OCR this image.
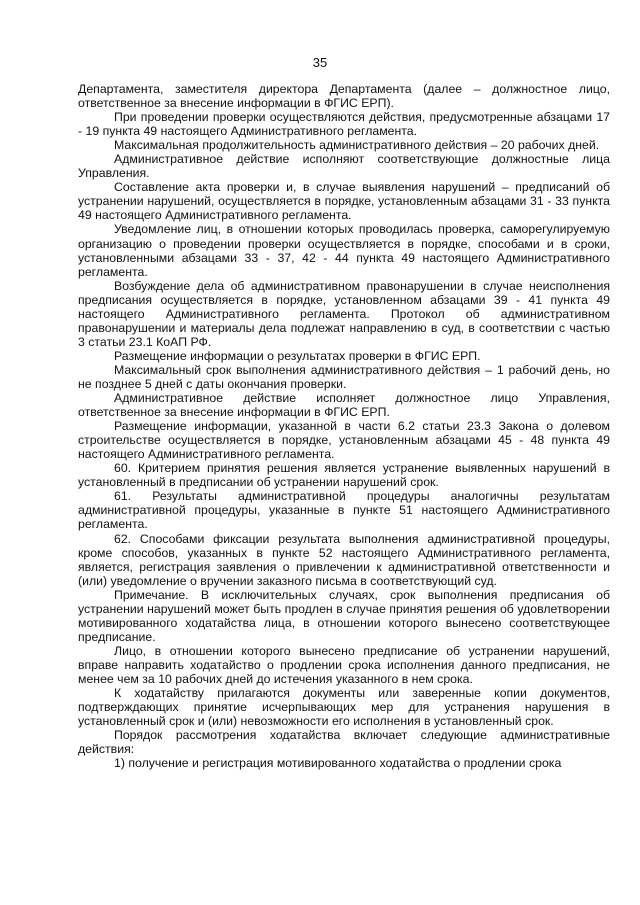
35

Департамента, заместителя директора Департамента (далее – должностное лицо, ответственное за внесение информации в ФГИС ЕРП).

При проведении проверки осуществляются действия, предусмотренные абзацами 17 - 19 пункта 49 настоящего Административного регламента.

Максимальная продолжительность административного действия – 20 рабочих дней.

Административное действие исполняют соответствующие должностные лица Управления.

Составление акта проверки и, в случае выявления нарушений – предписаний об устранении нарушений, осуществляется в порядке, установленным абзацами 31 - 33 пункта 49 настоящего Административного регламента.

Уведомление лиц, в отношении которых проводилась проверка, саморегулируемую организацию о проведении проверки осуществляется в порядке, способами и в сроки, установленными абзацами 33 - 37, 42 - 44 пункта 49 настоящего Административного регламента.

Возбуждение дела об административном правонарушении в случае неисполнения предписания осуществляется в порядке, установленном абзацами 39 - 41 пункта 49 настоящего Административного регламента. Протокол об административном правонарушении и материалы дела подлежат направлению в суд, в соответствии с частью 3 статьи 23.1 КоАП РФ.

Размещение информации о результатах проверки в ФГИС ЕРП.

Максимальный срок выполнения административного действия – 1 рабочий день, но не позднее 5 дней с даты окончания проверки.

Административное действие исполняет должностное лицо Управления, ответственное за внесение информации в ФГИС ЕРП.

Размещение информации, указанной в части 6.2 статьи 23.3 Закона о долевом строительстве осуществляется в порядке, установленным абзацами 45 - 48 пункта 49 настоящего Административного регламента.

60. Критерием принятия решения является устранение выявленных нарушений в установленный в предписании об устранении нарушений срок.

61. Результаты административной процедуры аналогичны результатам административной процедуры, указанные в пункте 51 настоящего Административного регламента.

62. Способами фиксации результата выполнения административной процедуры, кроме способов, указанных в пункте 52 настоящего Административного регламента, является, регистрация заявления о привлечении к административной ответственности и (или) уведомление о вручении заказного письма в соответствующий суд.

Примечание. В исключительных случаях, срок выполнения предписания об устранении нарушений может быть продлен в случае принятия решения об удовлетворении мотивированного ходатайства лица, в отношении которого вынесено соответствующее предписание.

Лицо, в отношении которого вынесено предписание об устранении нарушений, вправе направить ходатайство о продлении срока исполнения данного предписания, не менее чем за 10 рабочих дней до истечения указанного в нем срока.

К ходатайству прилагаются документы или заверенные копии документов, подтверждающих принятие исчерпывающих мер для устранения нарушения в установленный срок и (или) невозможности его исполнения в установленный срок.

Порядок рассмотрения ходатайства включает следующие административные действия:

1) получение и регистрация мотивированного ходатайства о продлении срока
